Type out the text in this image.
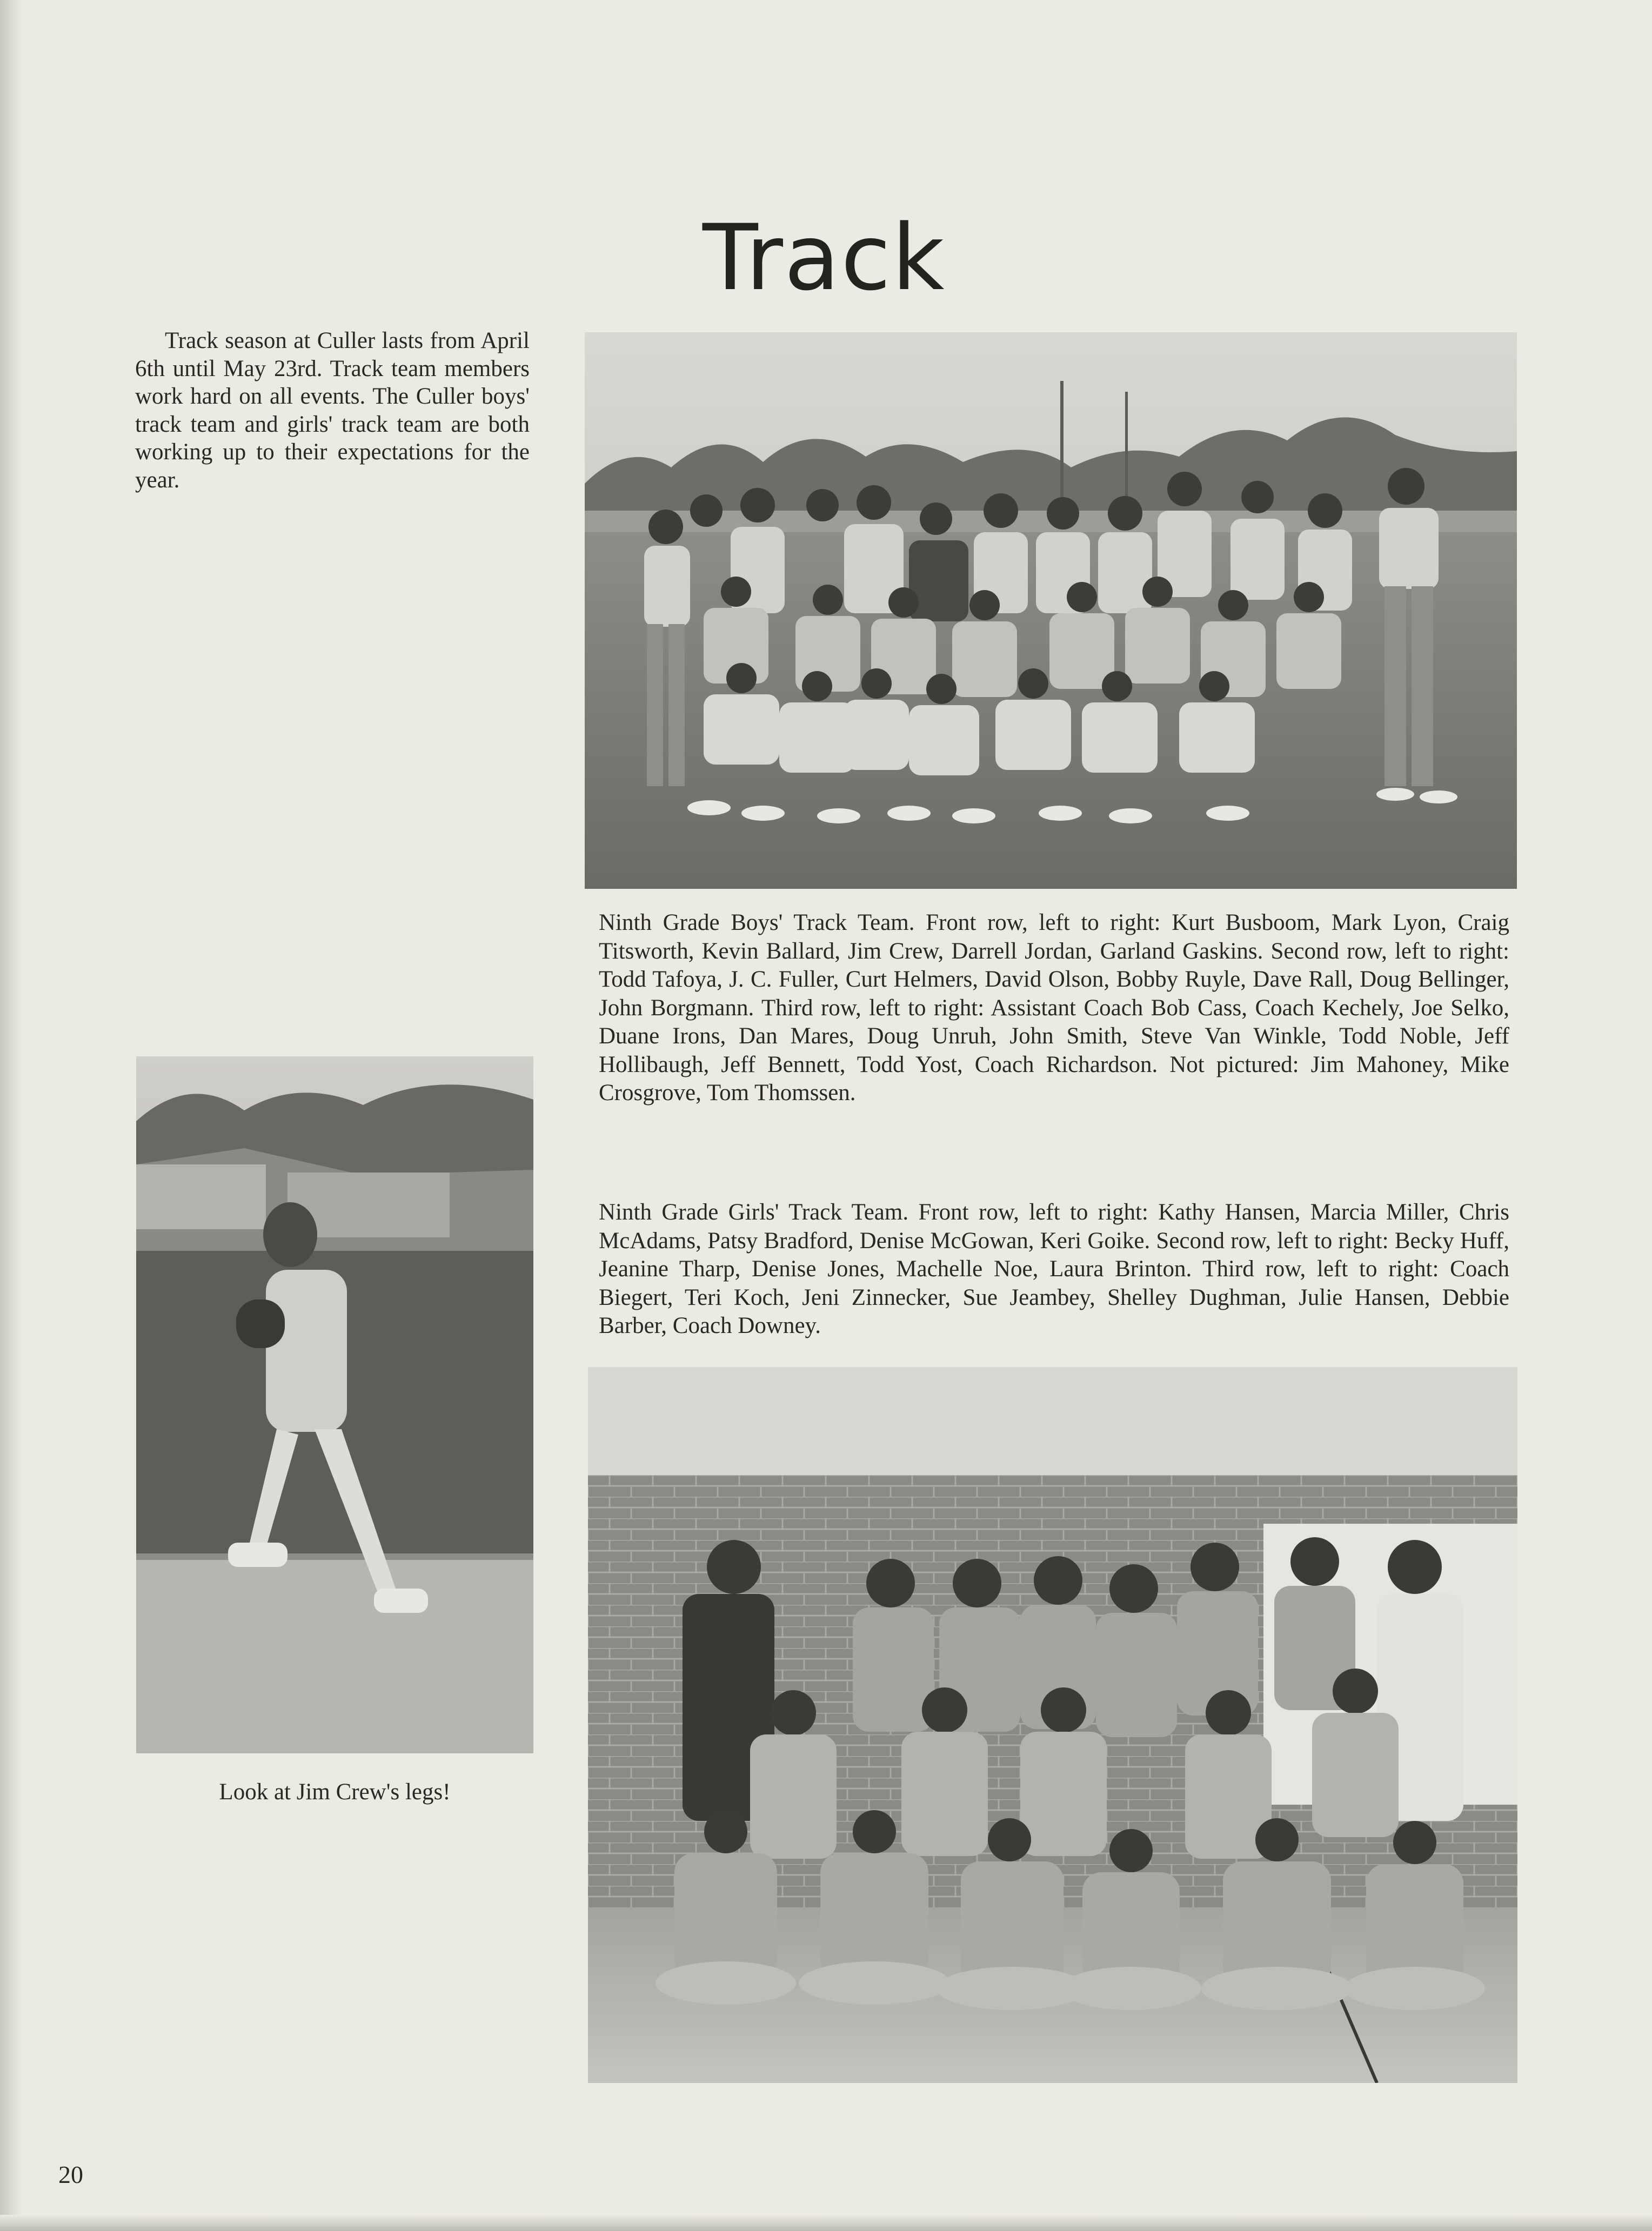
Track

Track season at Culler lasts from April 6th until May 23rd. Track team members work hard on all events. The Culler boys' track team and girls' track team are both working up to their expectations for the year.

Ninth Grade Boys' Track Team. Front row, left to right: Kurt Busboom, Mark Lyon, Craig Titsworth, Kevin Ballard, Jim Crew, Darrell Jordan, Garland Gaskins. Second row, left to right: Todd Tafoya, J. C. Fuller, Curt Helmers, David Olson, Bobby Ruyle, Dave Rall, Doug Bellinger, John Borgmann. Third row, left to right: Assistant Coach Bob Cass, Coach Kechely, Joe Selko, Duane Irons, Dan Mares, Doug Unruh, John Smith, Steve Van Winkle, Todd Noble, Jeff Hollibaugh, Jeff Bennett, Todd Yost, Coach Richardson. Not pictured: Jim Mahoney, Mike Crosgrove, Tom Thomssen.

Ninth Grade Girls' Track Team. Front row, left to right: Kathy Hansen, Marcia Miller, Chris McAdams, Patsy Bradford, Denise McGowan, Keri Goike. Second row, left to right: Becky Huff, Jeanine Tharp, Denise Jones, Machelle Noe, Laura Brinton. Third row, left to right: Coach Biegert, Teri Koch, Jeni Zinnecker, Sue Jeambey, Shelley Dughman, Julie Hansen, Debbie Barber, Coach Downey.

Look at Jim Crew's legs!

20
